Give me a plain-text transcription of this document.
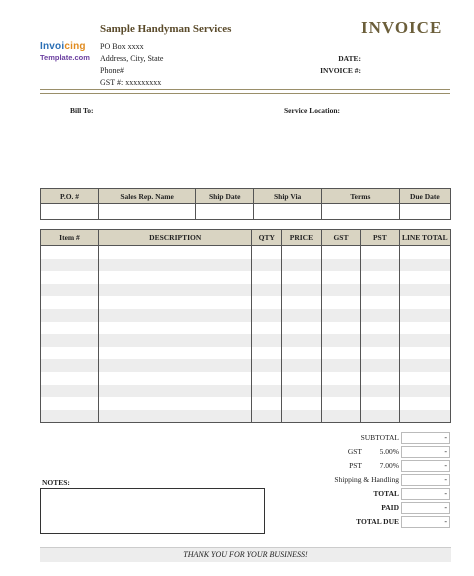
Invoicing
Template.com
Sample Handyman Services
PO Box xxxx
Address, City, State
Phone#
GST #: xxxxxxxxx
INVOICE
DATE:
INVOICE #:
Bill To:	Service Location:
P.O. #	Sales Rep. Name	Ship Date	Ship Via	Terms	Due Date

Item #	DESCRIPTION	QTY	PRICE	GST	PST	LINE TOTAL

SUBTOTAL	-
GST	5.00%	-
PST	7.00%	-
Shipping & Handling	-
TOTAL	-
PAID	-
TOTAL DUE	-
NOTES:
THANK YOU FOR YOUR BUSINESS!
